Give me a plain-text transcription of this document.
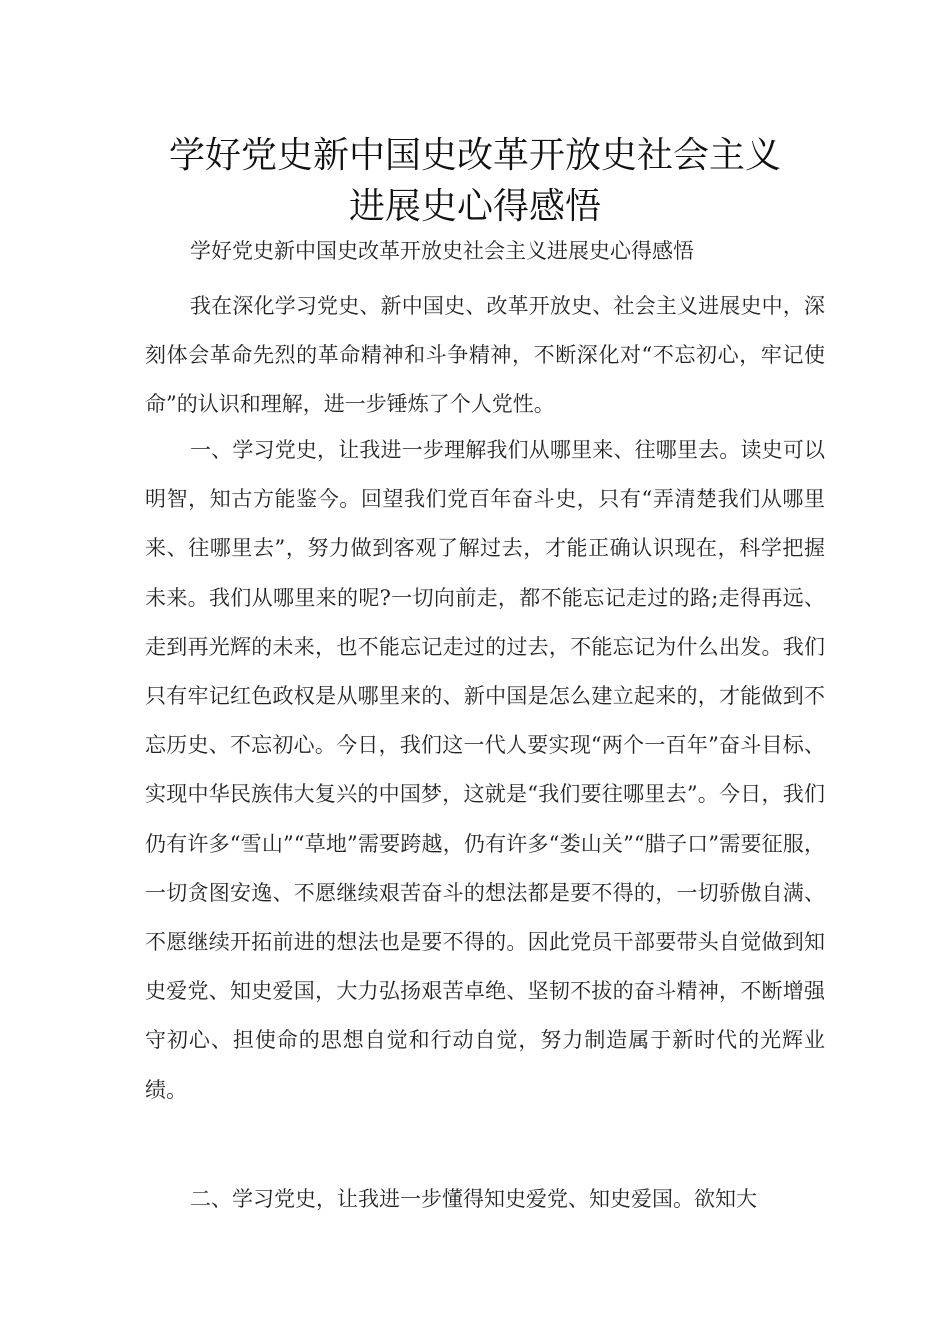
学好党史新中国史改革开放史社会主义
进展史心得感悟

学好党史新中国史改革开放史社会主义进展史心得感悟

我在深化学习党史、新中国史、改革开放史、社会主义进展史中，深刻体会革命先烈的革命精神和斗争精神，不断深化对“不忘初心，牢记使命”的认识和理解，进一步锤炼了个人党性。

一、学习党史，让我进一步理解我们从哪里来、往哪里去。读史可以明智，知古方能鉴今。回望我们党百年奋斗史，只有“弄清楚我们从哪里来、往哪里去”，努力做到客观了解过去，才能正确认识现在，科学把握未来。我们从哪里来的呢?一切向前走，都不能忘记走过的路;走得再远、走到再光辉的未来，也不能忘记走过的过去，不能忘记为什么出发。我们只有牢记红色政权是从哪里来的、新中国是怎么建立起来的，才能做到不忘历史、不忘初心。今日，我们这一代人要实现“两个一百年”奋斗目标、实现中华民族伟大复兴的中国梦，这就是“我们要往哪里去”。今日，我们仍有许多“雪山”“草地”需要跨越，仍有许多“娄山关”“腊子口”需要征服，一切贪图安逸、不愿继续艰苦奋斗的想法都是要不得的，一切骄傲自满、不愿继续开拓前进的想法也是要不得的。因此党员干部要带头自觉做到知史爱党、知史爱国，大力弘扬艰苦卓绝、坚韧不拔的奋斗精神，不断增强守初心、担使命的思想自觉和行动自觉，努力制造属于新时代的光辉业绩。

二、学习党史，让我进一步懂得知史爱党、知史爱国。欲知大
